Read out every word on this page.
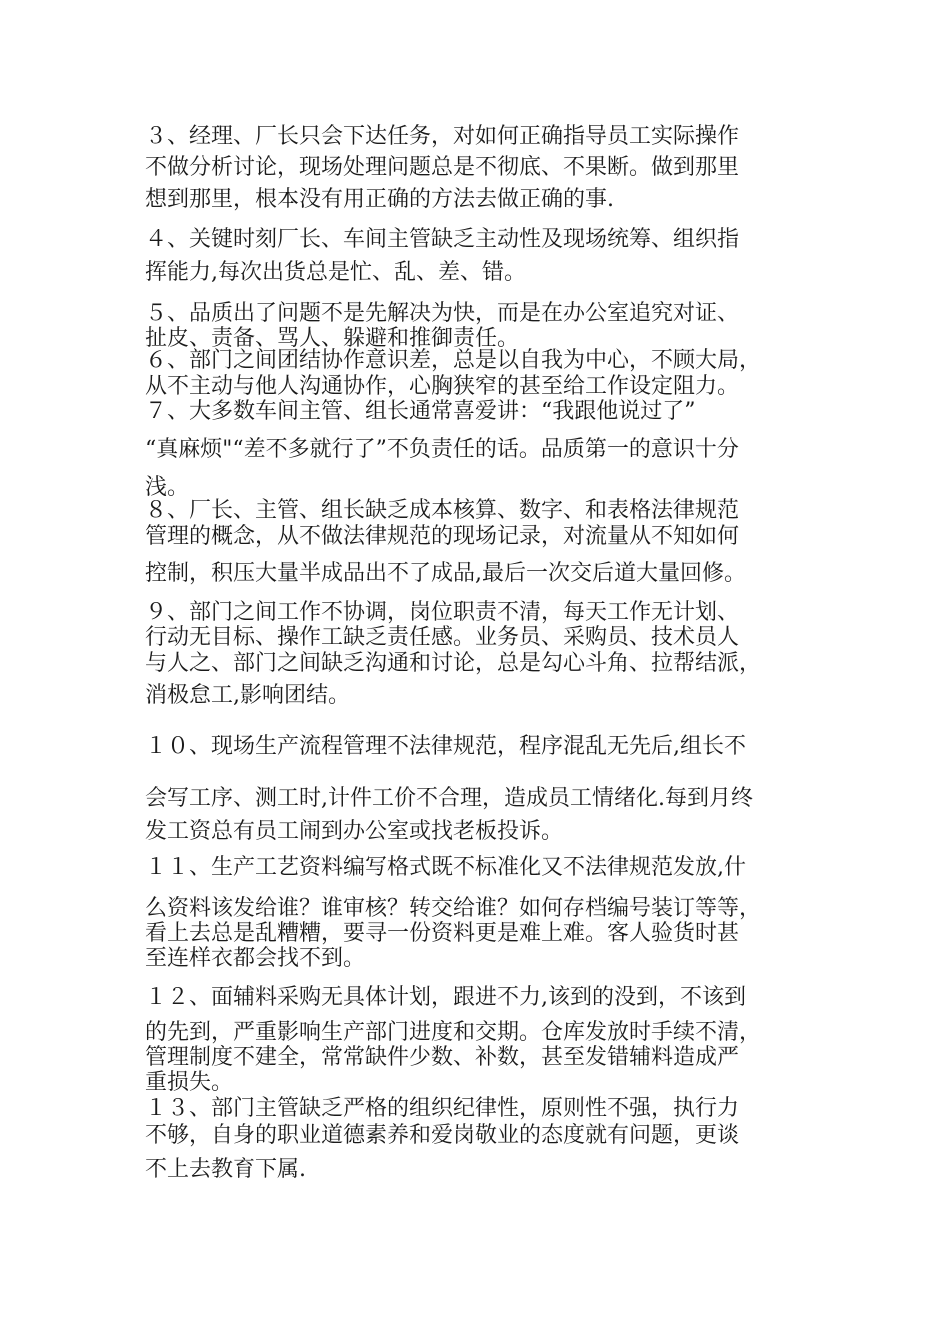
３、经理、厂长只会下达任务，对如何正确指导员工实际操作

不做分析讨论，现场处理问题总是不彻底、不果断。做到那里

想到那里，根本没有用正确的方法去做正确的事.

４、关键时刻厂长、车间主管缺乏主动性及现场统筹、组织指

挥能力,每次出货总是忙、乱、差、错。

５、品质出了问题不是先解决为快，而是在办公室追究对证、

扯皮、责备、骂人、躲避和推御责任。

６、部门之间团结协作意识差，总是以自我为中心，不顾大局，

从不主动与他人沟通协作，心胸狭窄的甚至给工作设定阻力。

７、大多数车间主管、组长通常喜爱讲：“我跟他说过了”

“真麻烦"“差不多就行了”不负责任的话。品质第一的意识十分

浅。

８、厂长、主管、组长缺乏成本核算、数字、和表格法律规范

管理的概念，从不做法律规范的现场记录，对流量从不知如何

控制，积压大量半成品出不了成品,最后一次交后道大量回修。

９、部门之间工作不协调，岗位职责不清，每天工作无计划、

行动无目标、操作工缺乏责任感。业务员、采购员、技术员人

与人之、部门之间缺乏沟通和讨论，总是勾心斗角、拉帮结派，

消极怠工,影响团结。

１０、现场生产流程管理不法律规范，程序混乱无先后,组长不

会写工序、测工时,计件工价不合理，造成员工情绪化.每到月终

发工资总有员工闹到办公室或找老板投诉。

１１、生产工艺资料编写格式既不标准化又不法律规范发放,什

么资料该发给谁？谁审核？转交给谁？如何存档编号装订等等，

看上去总是乱糟糟，要寻一份资料更是难上难。客人验货时甚

至连样衣都会找不到。

１２、面辅料采购无具体计划，跟进不力,该到的没到，不该到

的先到，严重影响生产部门进度和交期。仓库发放时手续不清，

管理制度不建全，常常缺件少数、补数，甚至发错辅料造成严

重损失。

１３、部门主管缺乏严格的组织纪律性，原则性不强，执行力

不够，自身的职业道德素养和爱岗敬业的态度就有问题，更谈

不上去教育下属.
